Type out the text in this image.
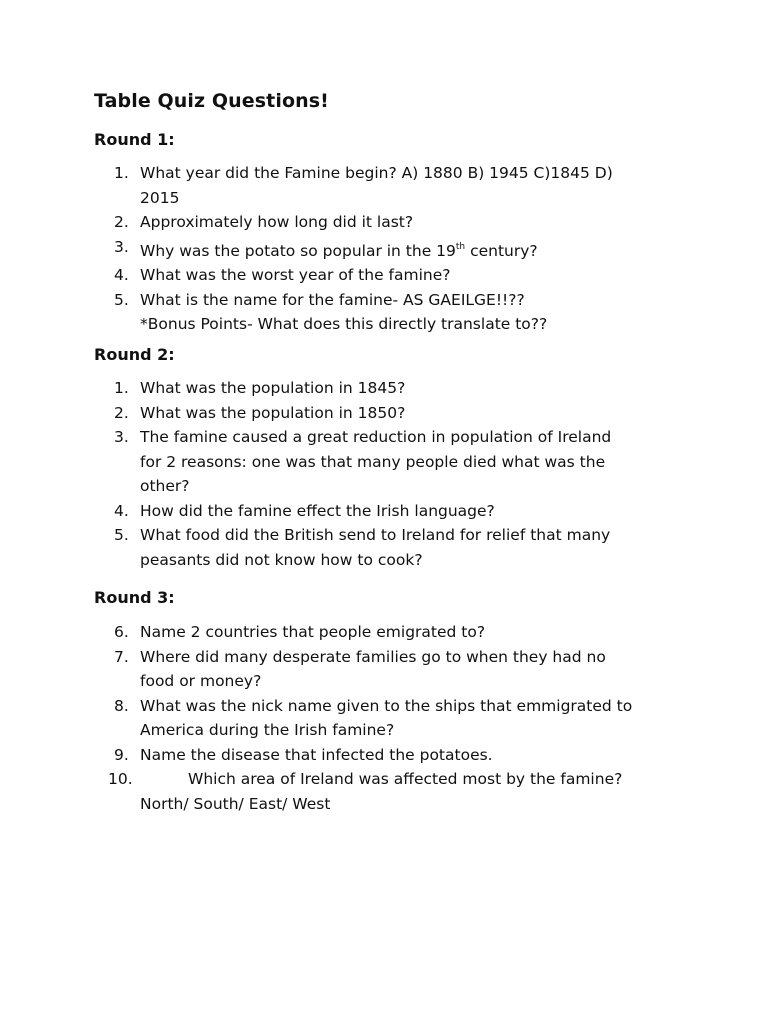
Table Quiz Questions!
Round 1:
1. What year did the Famine begin? A) 1880 B) 1945 C)1845 D)
2015
2. Approximately how long did it last?
3. Why was the potato so popular in the 19th century?
4. What was the worst year of the famine?
5. What is the name for the famine- AS GAEILGE!!??
*Bonus Points- What does this directly translate to??
Round 2:
1. What was the population in 1845?
2. What was the population in 1850?
3. The famine caused a great reduction in population of Ireland
for 2 reasons: one was that many people died what was the
other?
4. How did the famine effect the Irish language?
5. What food did the British send to Ireland for relief that many
peasants did not know how to cook?
Round 3:
6. Name 2 countries that people emigrated to?
7. Where did many desperate families go to when they had no
food or money?
8. What was the nick name given to the ships that emmigrated to
America during the Irish famine?
9. Name the disease that infected the potatoes.
10.	Which area of Ireland was affected most by the famine?
North/ South/ East/ West
